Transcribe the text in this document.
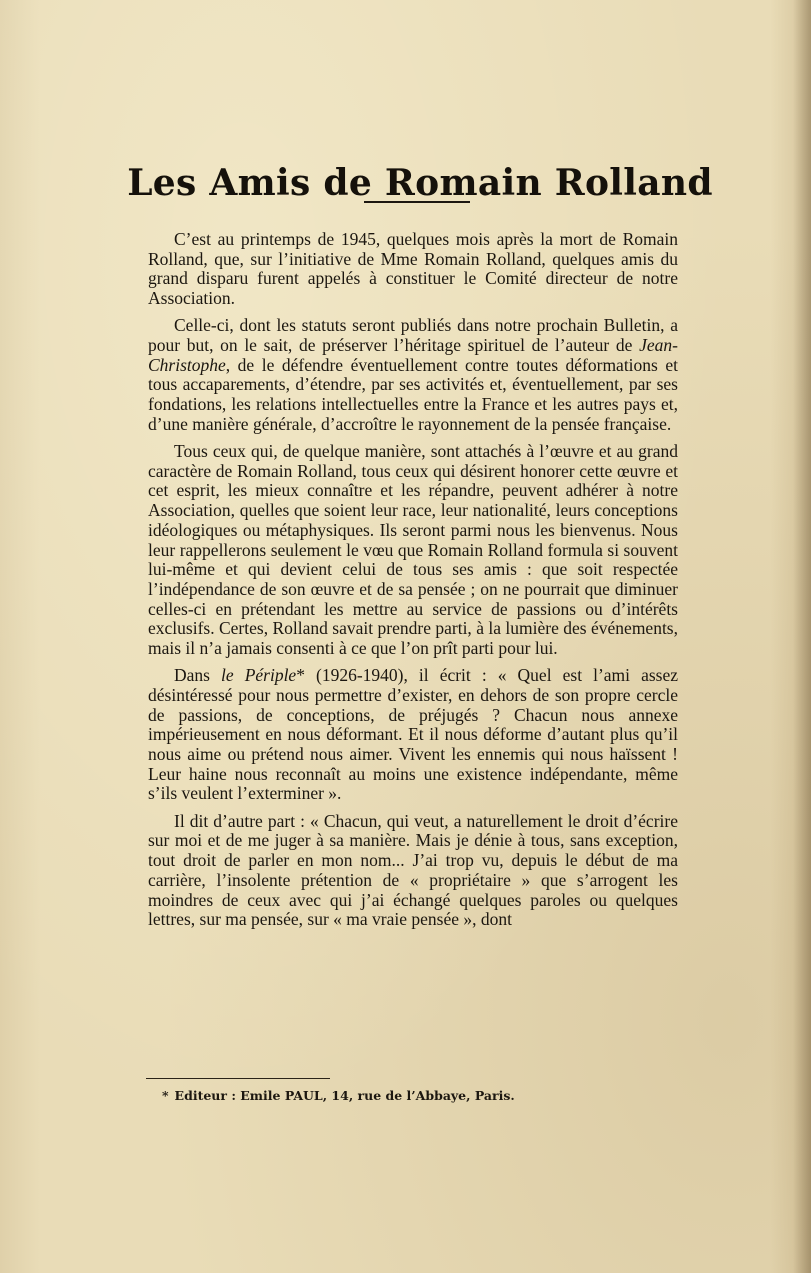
Les Amis de Romain Rolland

C’est au printemps de 1945, quelques mois après la mort de Romain Rolland, que, sur l’initiative de Mme Romain Rolland, quelques amis du grand disparu furent appelés à constituer le Comité directeur de notre Association.

Celle-ci, dont les statuts seront publiés dans notre prochain Bulletin, a pour but, on le sait, de préserver l’héritage spirituel de l’auteur de Jean-Christophe, de le défendre éventuellement contre toutes déformations et tous accaparements, d’étendre, par ses activités et, éventuellement, par ses fondations, les relations intellectuelles entre la France et les autres pays et, d’une manière générale, d’accroître le rayonnement de la pensée française.

Tous ceux qui, de quelque manière, sont attachés à l’œuvre et au grand caractère de Romain Rolland, tous ceux qui désirent honorer cette œuvre et cet esprit, les mieux connaître et les répandre, peuvent adhérer à notre Association, quelles que soient leur race, leur nationalité, leurs conceptions idéologiques ou métaphysiques. Ils seront parmi nous les bienvenus. Nous leur rappellerons seulement le vœu que Romain Rolland formula si souvent lui-même et qui devient celui de tous ses amis : que soit respectée l’indépendance de son œuvre et de sa pensée ; on ne pourrait que diminuer celles-ci en prétendant les mettre au service de passions ou d’intérêts exclusifs. Certes, Rolland savait prendre parti, à la lumière des événements, mais il n’a jamais consenti à ce que l’on prît parti pour lui.

Dans le Périple* (1926-1940), il écrit : « Quel est l’ami assez désintéressé pour nous permettre d’exister, en dehors de son propre cercle de passions, de conceptions, de préjugés ? Chacun nous annexe impérieusement en nous déformant. Et il nous déforme d’autant plus qu’il nous aime ou prétend nous aimer. Vivent les ennemis qui nous haïssent ! Leur haine nous reconnaît au moins une existence indépendante, même s’ils veulent l’exterminer ».

Il dit d’autre part : « Chacun, qui veut, a naturellement le droit d’écrire sur moi et de me juger à sa manière. Mais je dénie à tous, sans exception, tout droit de parler en mon nom... J’ai trop vu, depuis le début de ma carrière, l’insolente prétention de « propriétaire » que s’arrogent les moindres de ceux avec qui j’ai échangé quelques paroles ou quelques lettres, sur ma pensée, sur « ma vraie pensée », dont

* Editeur : Emile PAUL, 14, rue de l’Abbaye, Paris.
